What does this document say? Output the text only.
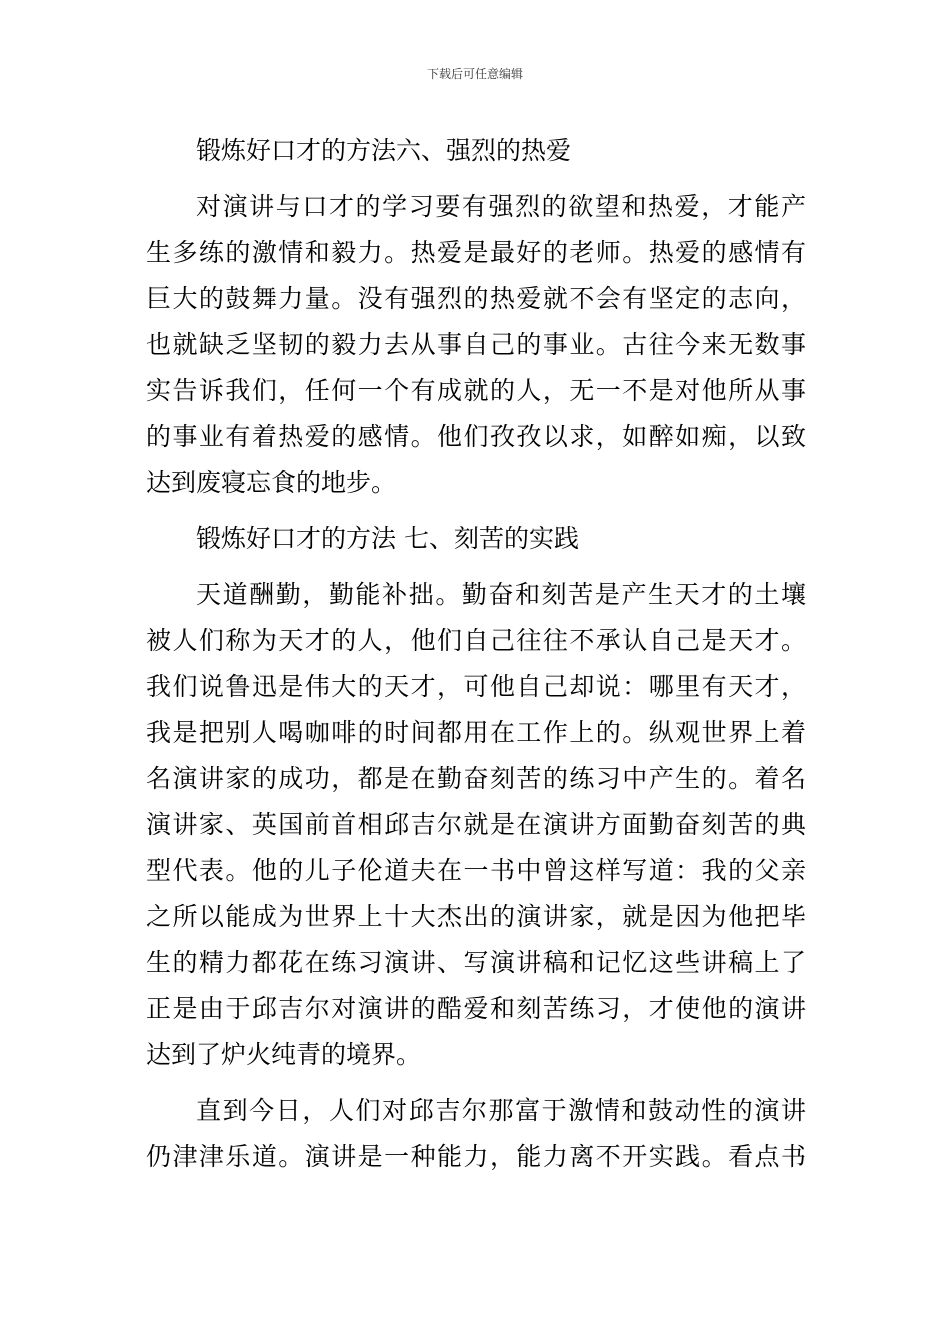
下载后可任意编辑
锻炼好口才的方法六、强烈的热爱

对演讲与口才的学习要有强烈的欲望和热爱，才能产

生多练的激情和毅力。热爱是最好的老师。热爱的感情有

巨大的鼓舞力量。没有强烈的热爱就不会有坚定的志向，

也就缺乏坚韧的毅力去从事自己的事业。古往今来无数事

实告诉我们，任何一个有成就的人，无一不是对他所从事

的事业有着热爱的感情。他们孜孜以求，如醉如痴，以致

达到废寝忘食的地步。

锻炼好口才的方法 七、刻苦的实践

天道酬勤，勤能补拙。勤奋和刻苦是产生天才的土壤

被人们称为天才的人，他们自己往往不承认自己是天才。

我们说鲁迅是伟大的天才，可他自己却说：哪里有天才，

我是把别人喝咖啡的时间都用在工作上的。纵观世界上着

名演讲家的成功，都是在勤奋刻苦的练习中产生的。着名

演讲家、英国前首相邱吉尔就是在演讲方面勤奋刻苦的典

型代表。他的儿子伦道夫在一书中曾这样写道：我的父亲

之所以能成为世界上十大杰出的演讲家，就是因为他把毕

生的精力都花在练习演讲、写演讲稿和记忆这些讲稿上了

正是由于邱吉尔对演讲的酷爱和刻苦练习，才使他的演讲

达到了炉火纯青的境界。

直到今日，人们对邱吉尔那富于激情和鼓动性的演讲

仍津津乐道。演讲是一种能力，能力离不开实践。看点书
